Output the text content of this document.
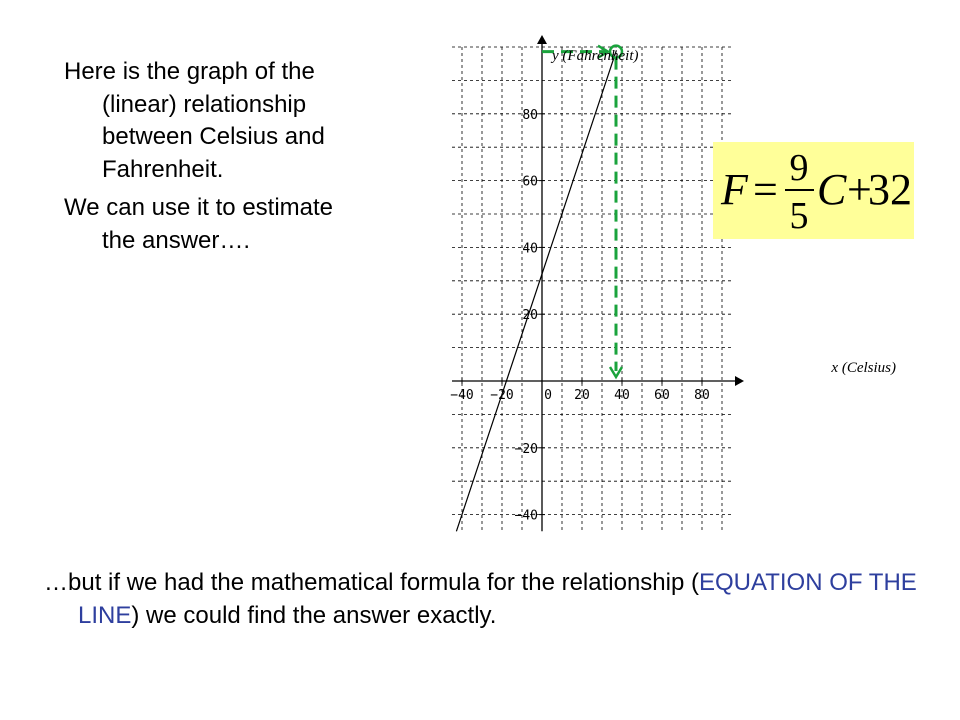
Here is the graph of the (linear) relationship between Celsius and Fahrenheit.

We can use it to estimate the answer….

−40 −20 0 20 40 60 80
−40
−20
20
40
60
80
x (Celsius)
y (Fahrenheit)
F = 9
5
C +
32
…but if we had the mathematical formula for the relationship (EQUATION OF THE LINE) we could find the answer exactly.
